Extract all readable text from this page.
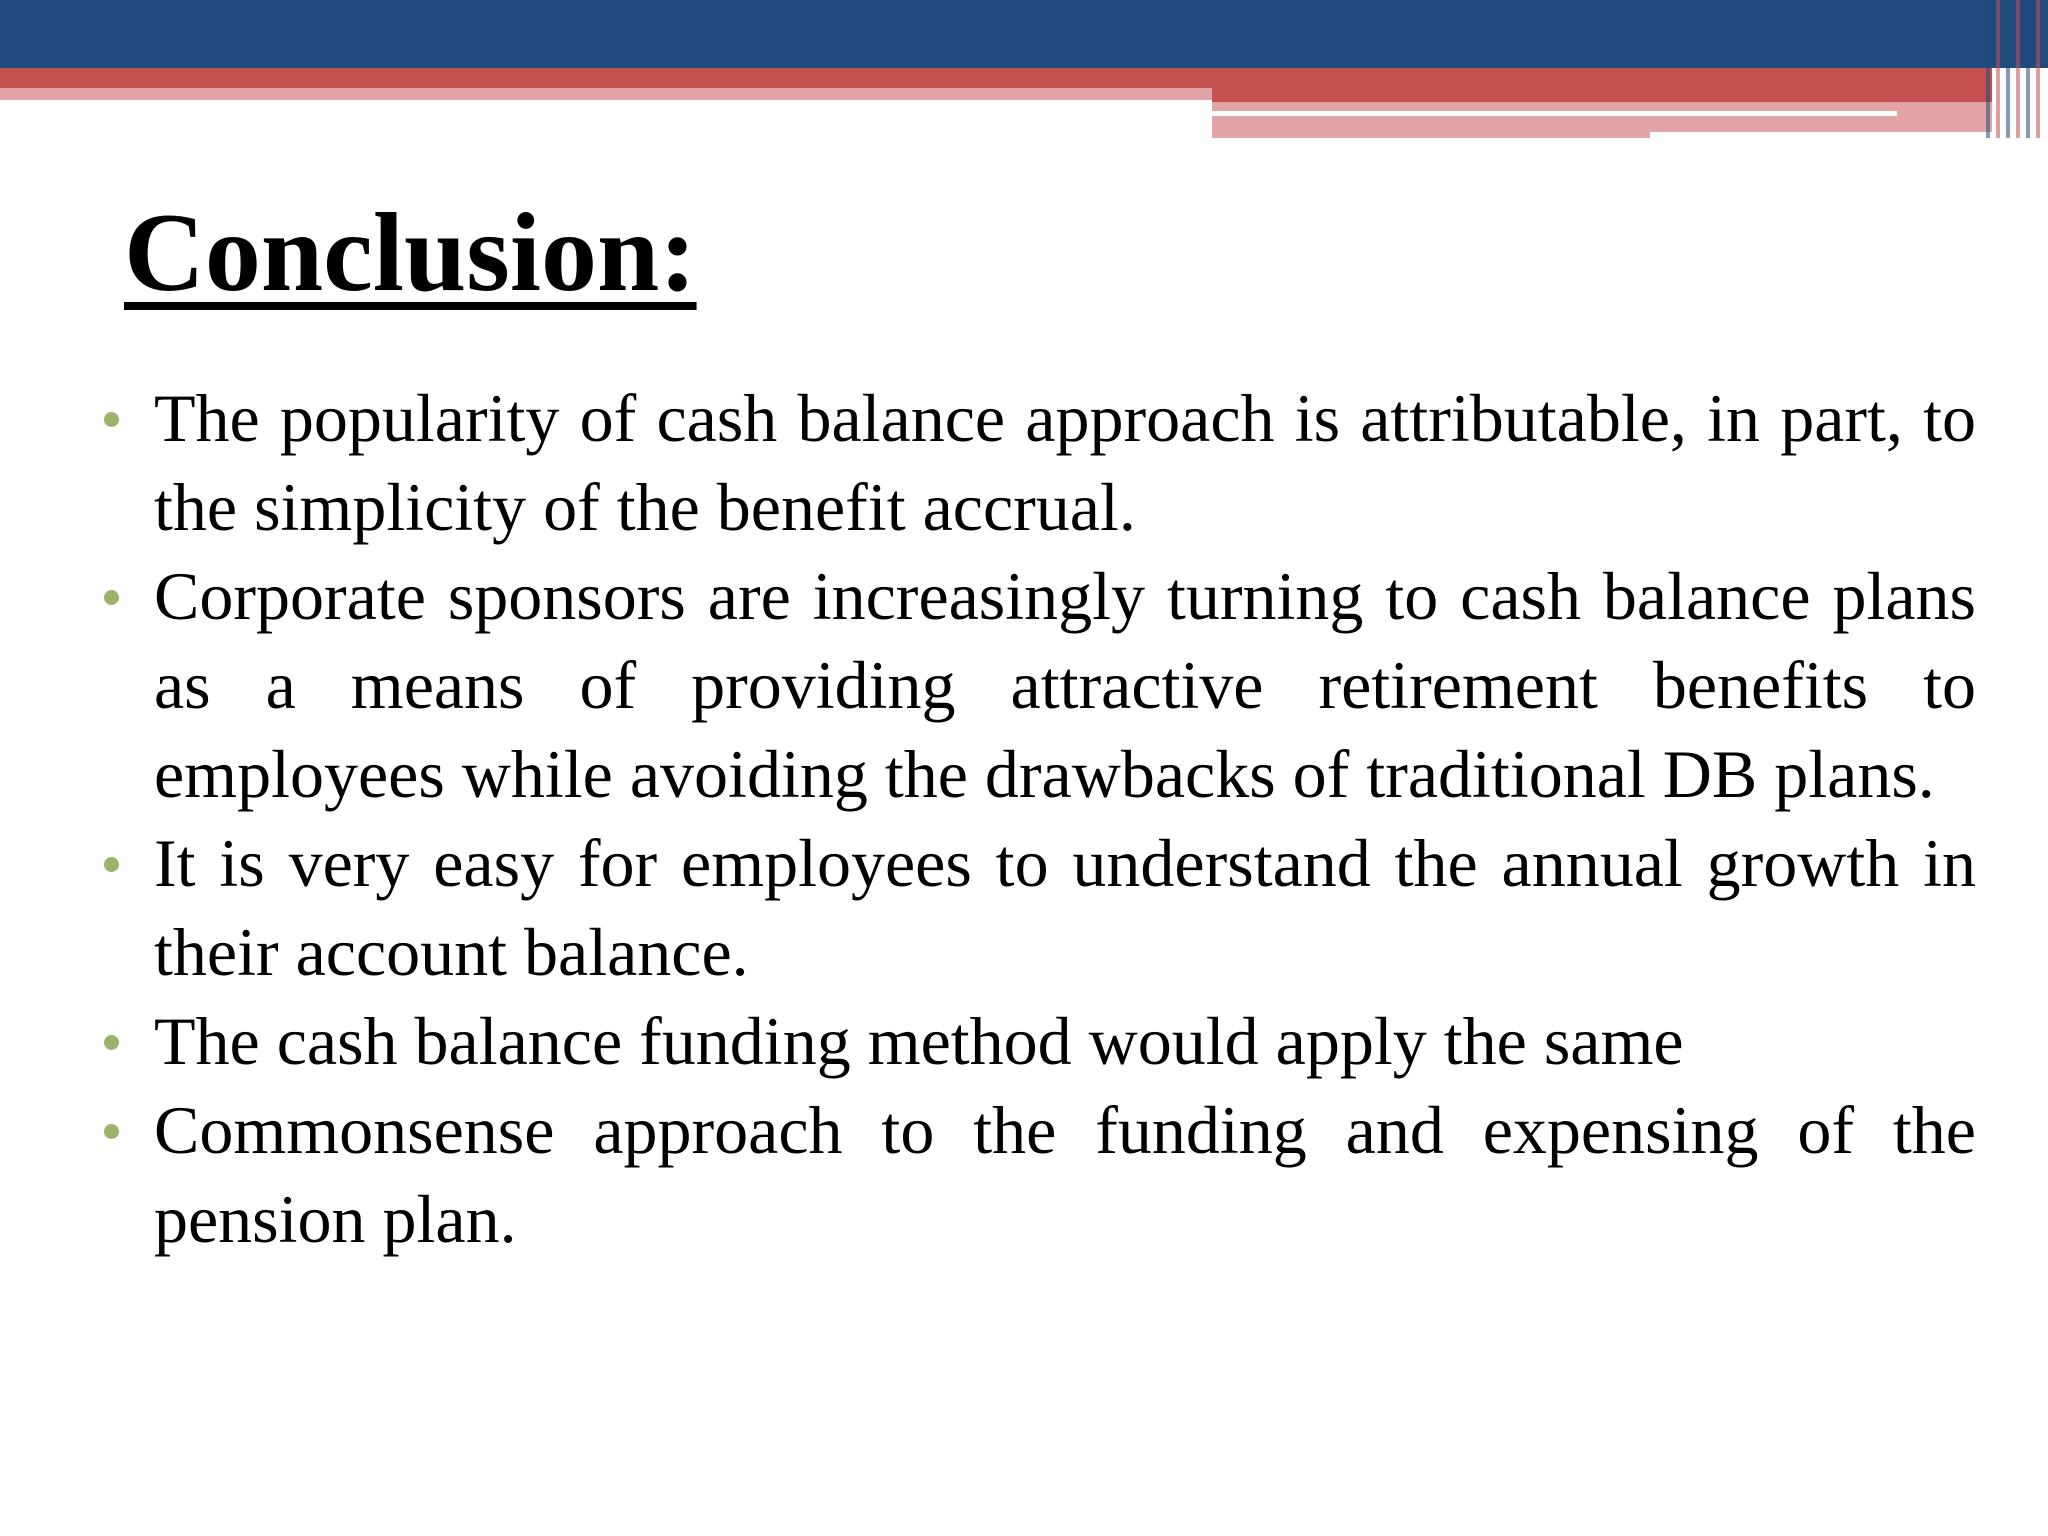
Conclusion:
The popularity of cash balance approach is attributable, in part, to the simplicity of the benefit accrual.
Corporate sponsors are increasingly turning to cash balance plans as a means of providing attractive retirement benefits to employees while avoiding the drawbacks of traditional DB plans.
It is very easy for employees to understand the annual growth in their account balance.
The cash balance funding method would apply the same
Commonsense approach to the funding and expensing of the pension plan.
